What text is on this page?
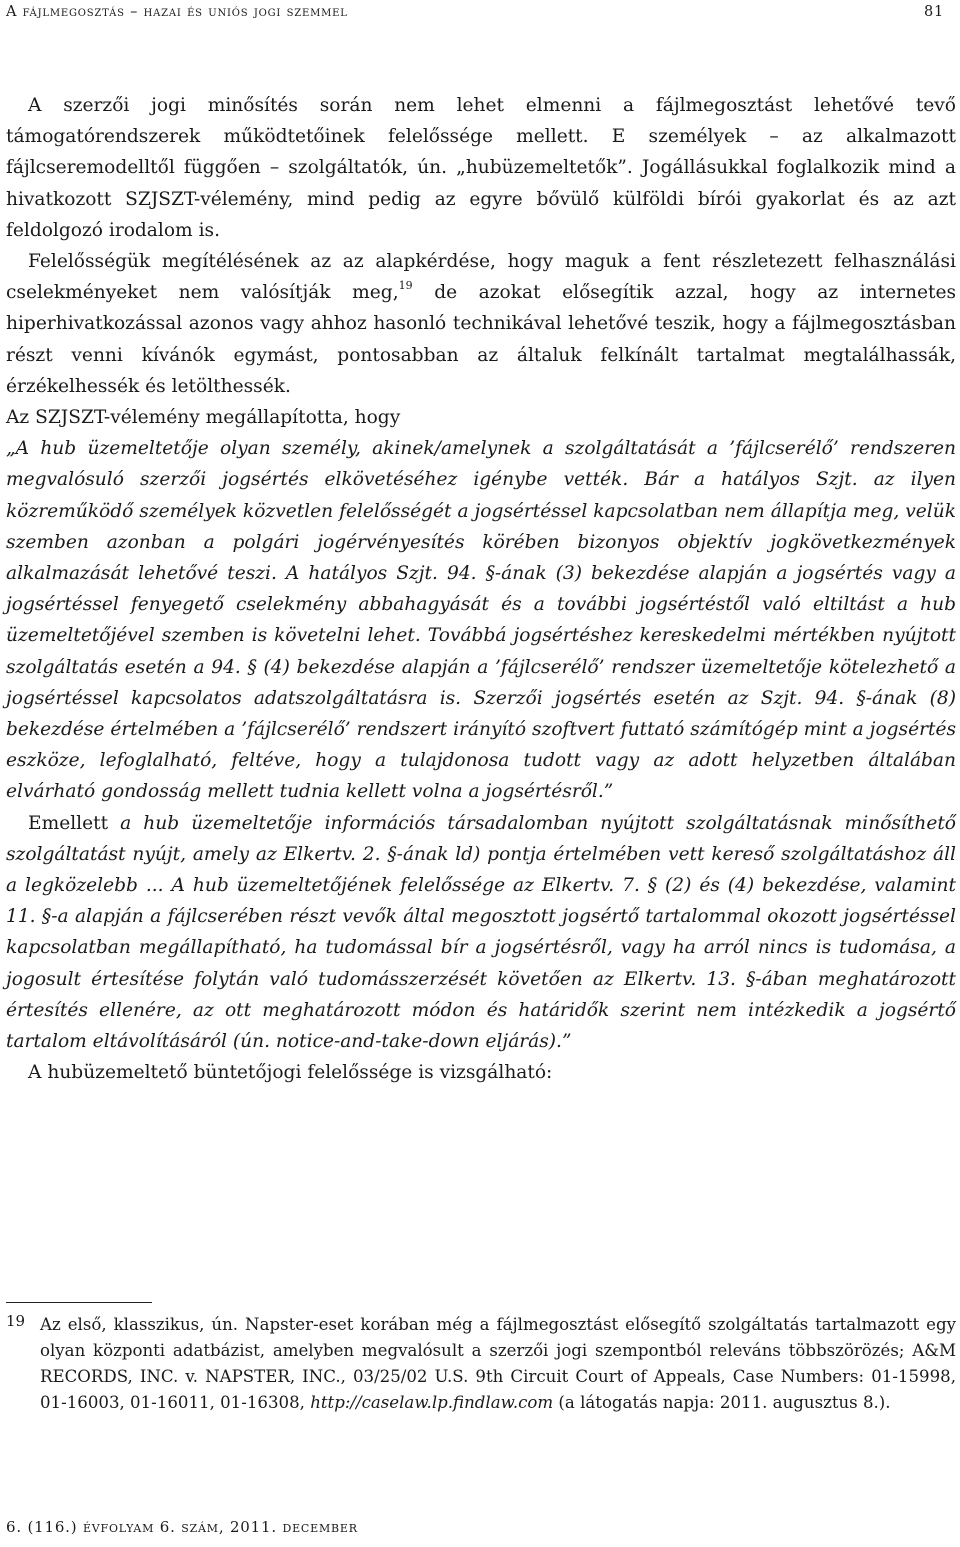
A fájlmegosztás – hazai és uniós jogi szemmel	81

A szerzői jogi minősítés során nem lehet elmenni a fájlmegosztást lehetővé tevő támogatórendszerek működtetőinek felelőssége mellett. E személyek – az alkalmazott fájlcseremodelltől függően – szolgáltatók, ún. „hubüzemeltetők”. Jogállásukkal foglalkozik mind a hivatkozott SZJSZT-vélemény, mind pedig az egyre bővülő külföldi bírói gyakorlat és az azt feldolgozó irodalom is.

Felelősségük megítélésének az az alapkérdése, hogy maguk a fent részletezett felhasználási cselekményeket nem valósítják meg,$^{19}$ de azokat elősegítik azzal, hogy az internetes hiperhivatkozással azonos vagy ahhoz hasonló technikával lehetővé teszik, hogy a fájlmegosztásban részt venni kívánók egymást, pontosabban az általuk felkínált tartalmat megtalálhassák, érzékelhessék és letölthessék.

Az SZJSZT-vélemény megállapította, hogy

„A hub üzemeltetője olyan személy, akinek/amelynek a szolgáltatását a ’fájlcserélő’ rendszeren megvalósuló szerzői jogsértés elkövetéséhez igénybe vették. Bár a hatályos Szjt. az ilyen közreműködő személyek közvetlen felelősségét a jogsértéssel kapcsolatban nem állapítja meg, velük szemben azonban a polgári jogérvényesítés körében bizonyos objektív jogkövetkezmények alkalmazását lehetővé teszi. A hatályos Szjt. 94. §-ának (3) bekezdése alapján a jogsértés vagy a jogsértéssel fenyegető cselekmény abbahagyását és a további jogsértéstől való eltiltást a hub üzemeltetőjével szemben is követelni lehet. Továbbá jogsértéshez kereskedelmi mértékben nyújtott szolgáltatás esetén a 94. § (4) bekezdése alapján a ’fájlcserélő’ rendszer üzemeltetője kötelezhető a jogsértéssel kapcsolatos adatszolgáltatásra is. Szerzői jogsértés esetén az Szjt. 94. §-ának (8) bekezdése értelmében a ’fájlcserélő’ rendszert irányító szoftvert futtató számítógép mint a jogsértés eszköze, lefoglalható, feltéve, hogy a tulajdonosa tudott vagy az adott helyzetben általában elvárható gondosság mellett tudnia kellett volna a jogsértésről.”

Emellett a hub üzemeltetője információs társadalomban nyújtott szolgáltatásnak minősíthető szolgáltatást nyújt, amely az Elkertv. 2. §-ának ld) pontja értelmében vett kereső szolgáltatáshoz áll a legközelebb ... A hub üzemeltetőjének felelőssége az Elkertv. 7. § (2) és (4) bekezdése, valamint 11. §-a alapján a fájlcserében részt vevők által megosztott jogsértő tartalommal okozott jogsértéssel kapcsolatban megállapítható, ha tudomással bír a jogsértésről, vagy ha arról nincs is tudomása, a jogosult értesítése folytán való tudomásszerzését követően az Elkertv. 13. §-ában meghatározott értesítés ellenére, az ott meghatározott módon és határidők szerint nem intézkedik a jogsértő tartalom eltávolításáról (ún. notice-and-take-down eljárás).”

A hubüzemeltető büntetőjogi felelőssége is vizsgálható:

19 Az első, klasszikus, ún. Napster-eset korában még a fájlmegosztást elősegítő szolgáltatás tartalmazott egy olyan központi adatbázist, amelyben megvalósult a szerzői jogi szempontból releváns többszörözés; A&M RECORDS, INC. v. NAPSTER, INC., 03/25/02 U.S. 9th Circuit Court of Appeals, Case Numbers: 01-15998, 01-16003, 01-16011, 01-16308, http://caselaw.lp.findlaw.com (a látogatás napja: 2011. augusztus 8.).
6. (116.) évfolyam 6. szám, 2011. december
